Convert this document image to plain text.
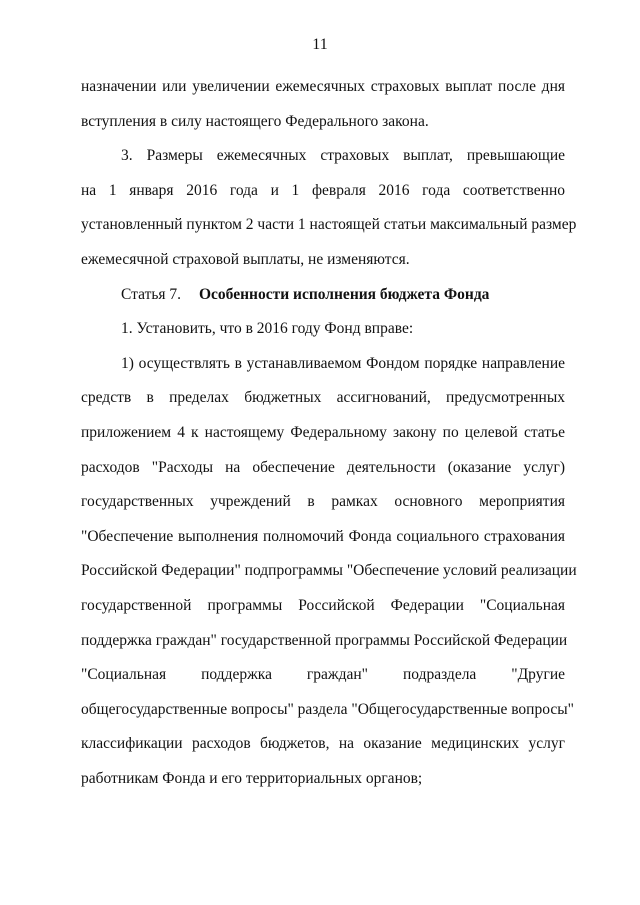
11
назначении или увеличении ежемесячных страховых выплат после дня
вступления в силу настоящего Федерального закона.
3. Размеры ежемесячных страховых выплат, превышающие
на 1 января 2016 года и 1 февраля 2016 года соответственно
установленный пунктом 2 части 1 настоящей статьи максимальный размер
ежемесячной страховой выплаты, не изменяются.
Статья 7. Особенности исполнения бюджета Фонда
1. Установить, что в 2016 году Фонд вправе:
1) осуществлять в устанавливаемом Фондом порядке направление
средств в пределах бюджетных ассигнований, предусмотренных
приложением 4 к настоящему Федеральному закону по целевой статье
расходов "Расходы на обеспечение деятельности (оказание услуг)
государственных учреждений в рамках основного мероприятия
"Обеспечение выполнения полномочий Фонда социального страхования
Российской Федерации" подпрограммы "Обеспечение условий реализации
государственной программы Российской Федерации "Социальная
поддержка граждан" государственной программы Российской Федерации
"Социальная поддержка граждан" подраздела "Другие
общегосударственные вопросы" раздела "Общегосударственные вопросы"
классификации расходов бюджетов, на оказание медицинских услуг
работникам Фонда и его территориальных органов;
